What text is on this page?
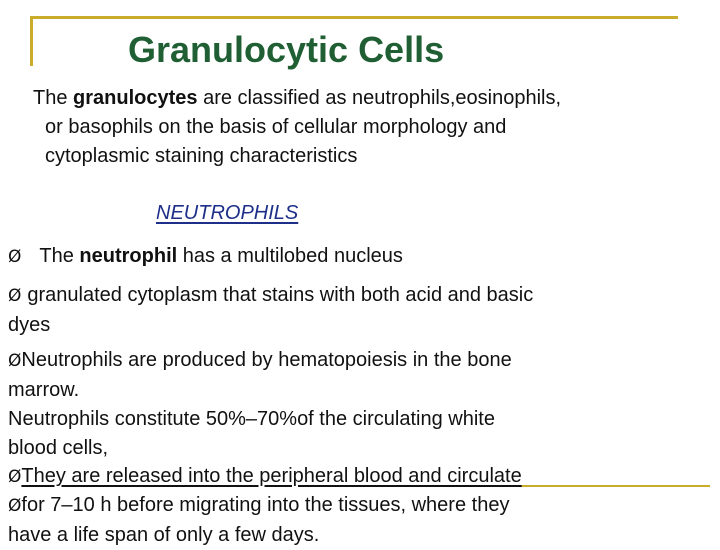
Granulocytic Cells
The granulocytes are classified as neutrophils,eosinophils,
or basophils on the basis of cellular morphology and
cytoplasmic staining characteristics
NEUTROPHILS
Ø The neutrophil has a multilobed nucleus
Ø granulated cytoplasm that stains with both acid and basic
dyes
ØNeutrophils are produced by hematopoiesis in the bone
marrow.
Neutrophils constitute 50%–70%of the circulating white
blood cells,
ØThey are released into the peripheral blood and circulate
Øfor 7–10 h before migrating into the tissues, where they
have a life span of only a few days.
